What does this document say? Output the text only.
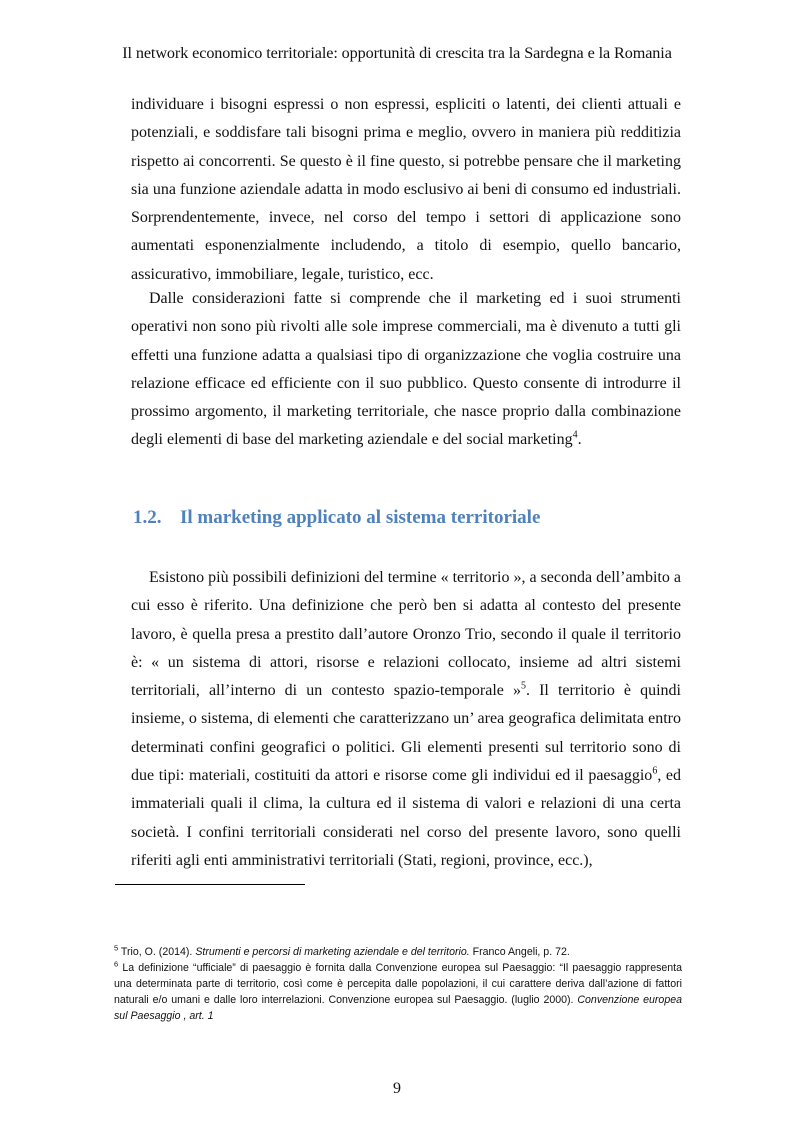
Il network economico territoriale: opportunità di crescita tra la Sardegna e la Romania

individuare i bisogni espressi o non espressi, espliciti o latenti, dei clienti attuali e potenziali, e soddisfare tali bisogni prima e meglio, ovvero in maniera più redditizia rispetto ai concorrenti. Se questo è il fine questo, si potrebbe pensare che il marketing sia una funzione aziendale adatta in modo esclusivo ai beni di consumo ed industriali. Sorprendentemente, invece, nel corso del tempo i settori di applicazione sono aumentati esponenzialmente includendo, a titolo di esempio, quello bancario, assicurativo, immobiliare, legale, turistico, ecc.

Dalle considerazioni fatte si comprende che il marketing ed i suoi strumenti operativi non sono più rivolti alle sole imprese commerciali, ma è divenuto a tutti gli effetti una funzione adatta a qualsiasi tipo di organizzazione che voglia costruire una relazione efficace ed efficiente con il suo pubblico. Questo consente di introdurre il prossimo argomento, il marketing territoriale, che nasce proprio dalla combinazione degli elementi di base del marketing aziendale e del social marketing$^4$.

1.2. Il marketing applicato al sistema territoriale

Esistono più possibili definizioni del termine « territorio », a seconda dell’ambito a cui esso è riferito. Una definizione che però ben si adatta al contesto del presente lavoro, è quella presa a prestito dall’autore Oronzo Trio, secondo il quale il territorio è: « un sistema di attori, risorse e relazioni collocato, insieme ad altri sistemi territoriali, all’interno di un contesto spazio-temporale »$^5$. Il territorio è quindi insieme, o sistema, di elementi che caratterizzano un’ area geografica delimitata entro determinati confini geografici o politici. Gli elementi presenti sul territorio sono di due tipi: materiali, costituiti da attori e risorse come gli individui ed il paesaggio$^6$, ed immateriali quali il clima, la cultura ed il sistema di valori e relazioni di una certa società. I confini territoriali considerati nel corso del presente lavoro, sono quelli riferiti agli enti amministrativi territoriali (Stati, regioni, province, ecc.),

$^5$ Trio, O. (2014). Strumenti e percorsi di marketing aziendale e del territorio. Franco Angeli, p. 72.

$^6$ La definizione “ufficiale” di paesaggio è fornita dalla Convenzione europea sul Paesaggio: “Il paesaggio rappresenta una determinata parte di territorio, così come è percepita dalle popolazioni, il cui carattere deriva dall’azione di fattori naturali e/o umani e dalle loro interrelazioni. Convenzione europea sul Paesaggio. (luglio 2000). Convenzione europea sul Paesaggio , art. 1

9
